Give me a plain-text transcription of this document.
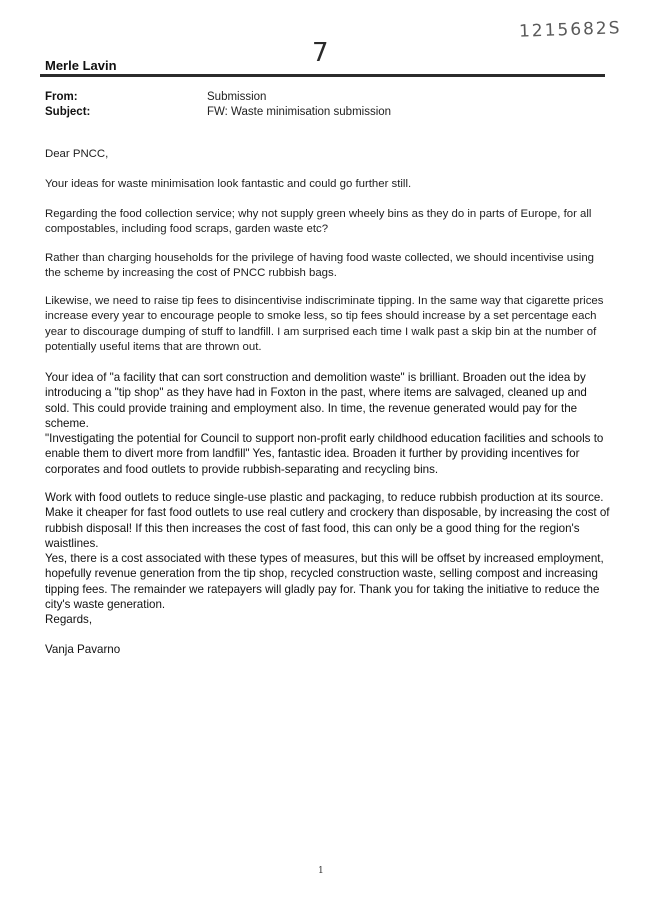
1215682S
7
Merle Lavin
From:	Submission
Subject:	FW: Waste minimisation submission
Dear PNCC,
Your ideas for waste minimisation look fantastic and could go further still.
Regarding the food collection service; why not supply green wheely bins as they do in parts of Europe, for all compostables, including food scraps, garden waste etc?
Rather than charging households for the privilege of having food waste collected, we should incentivise using the scheme by increasing the cost of PNCC rubbish bags.
Likewise, we need to raise tip fees to disincentivise indiscriminate tipping. In the same way that cigarette prices increase every year to encourage people to smoke less, so tip fees should increase by a set percentage each year to discourage dumping of stuff to landfill. I am surprised each time I walk past a skip bin at the number of potentially useful items that are thrown out.
Your idea of "a facility that can sort construction and demolition waste" is brilliant. Broaden out the idea by introducing a "tip shop" as they have had in Foxton in the past, where items are salvaged, cleaned up and sold. This could provide training and employment also. In time, the revenue generated would pay for the scheme.
"Investigating the potential for Council to support non-profit early childhood education facilities and schools to enable them to divert more from landfill" Yes, fantastic idea. Broaden it further by providing incentives for corporates and food outlets to provide rubbish-separating and recycling bins.
Work with food outlets to reduce single-use plastic and packaging, to reduce rubbish production at its source. Make it cheaper for fast food outlets to use real cutlery and crockery than disposable, by increasing the cost of rubbish disposal! If this then increases the cost of fast food, this can only be a good thing for the region's waistlines.
Yes, there is a cost associated with these types of measures, but this will be offset by increased employment, hopefully revenue generation from the tip shop, recycled construction waste, selling compost and increasing tipping fees. The remainder we ratepayers will gladly pay for. Thank you for taking the initiative to reduce the city's waste generation.
Regards,
Vanja Pavarno
1
